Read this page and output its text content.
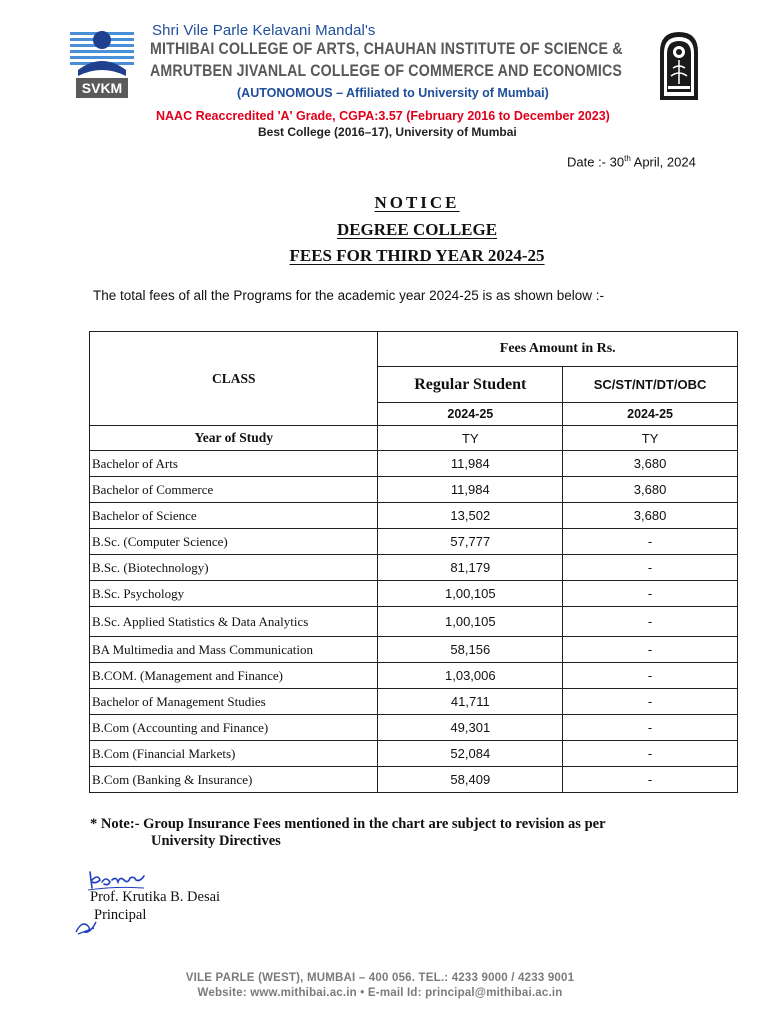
SVKM
Shri Vile Parle Kelavani Mandal's
MITHIBAI COLLEGE OF ARTS, CHAUHAN INSTITUTE OF SCIENCE &
AMRUTBEN JIVANLAL COLLEGE OF COMMERCE AND ECONOMICS
(AUTONOMOUS – Affiliated to University of Mumbai)
NAAC Reaccredited 'A' Grade, CGPA:3.57 (February 2016 to December 2023)
Best College (2016–17), University of Mumbai
Date :- 30th April, 2024
NOTICE
DEGREE COLLEGE
FEES FOR THIRD YEAR 2024-25
The total fees of all the Programs for the academic year 2024-25 is as shown below :-
CLASS	Fees Amount in Rs.	
	Regular Student	SC/ST/NT/DT/OBC
	2024-25	2024-25
Year of Study	TY	TY
Bachelor of Arts	11,984	3,680
Bachelor of Commerce	11,984	3,680
Bachelor of Science	13,502	3,680
B.Sc. (Computer Science)	57,777	-
B.Sc. (Biotechnology)	81,179	-
B.Sc. Psychology	1,00,105	-
B.Sc. Applied Statistics & Data Analytics	1,00,105	-
BA Multimedia and Mass Communication	58,156	-
B.COM. (Management and Finance)	1,03,006	-
Bachelor of Management Studies	41,711	-
B.Com (Accounting and Finance)	49,301	-
B.Com (Financial Markets)	52,084	-
B.Com (Banking & Insurance)	58,409	-
* Note:- Group Insurance Fees mentioned in the chart are subject to revision as per
University Directives
Prof. Krutika B. Desai
Principal
VILE PARLE (WEST), MUMBAI – 400 056. TEL.: 4233 9000 / 4233 9001
Website: www.mithibai.ac.in • E-mail Id: principal@mithibai.ac.in
